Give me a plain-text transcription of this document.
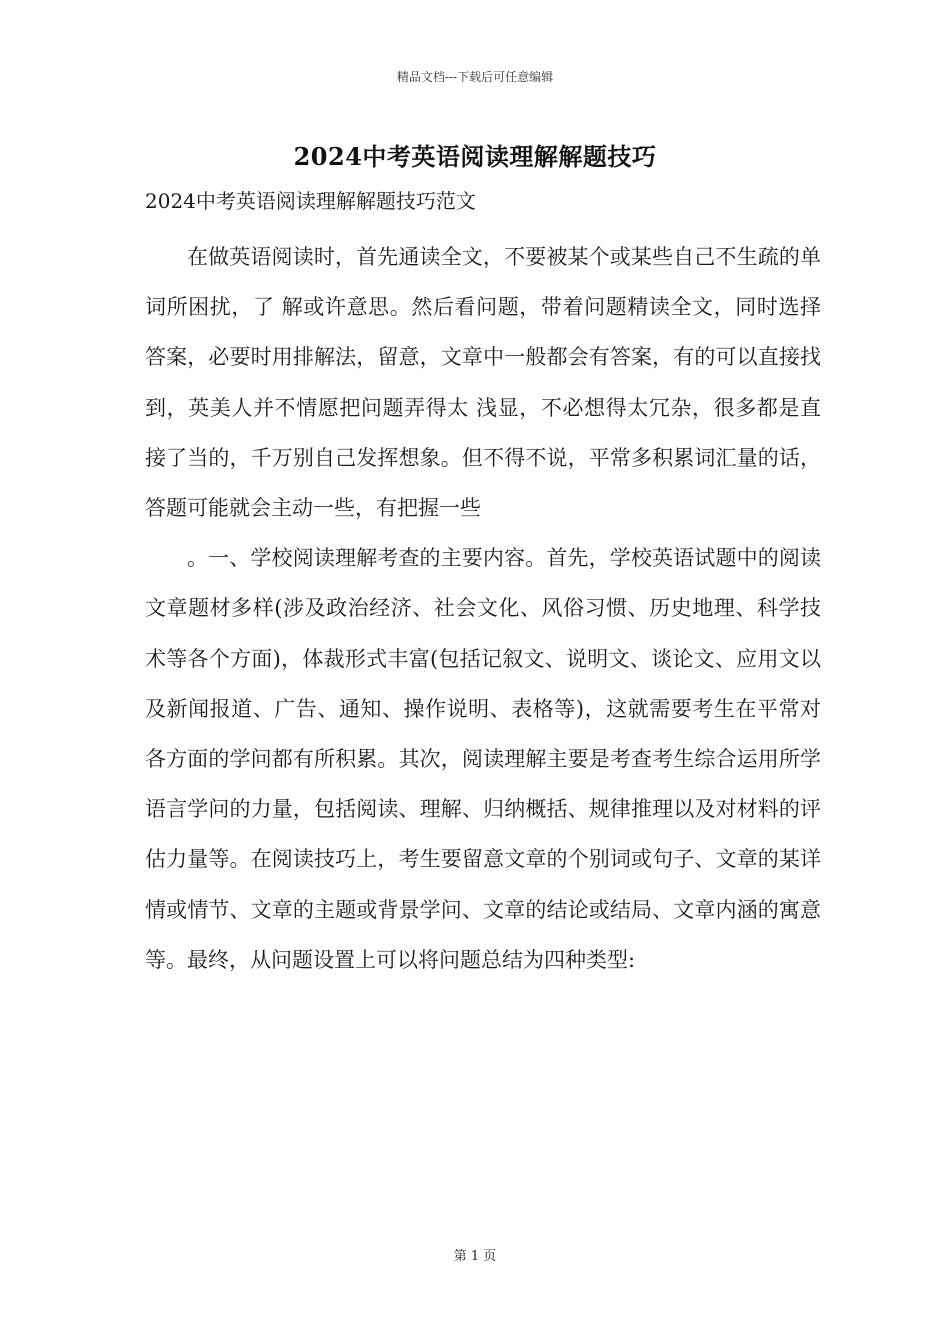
精品文档---下载后可任意编辑
2024中考英语阅读理解解题技巧
2024中考英语阅读理解解题技巧范文

在做英语阅读时，首先通读全文，不要被某个或某些自己不生疏的单词所困扰，了 解或许意思。然后看问题，带着问题精读全文，同时选择答案，必要时用排解法，留意，文章中一般都会有答案，有的可以直接找到，英美人并不情愿把问题弄得太 浅显，不必想得太冗杂，很多都是直接了当的，千万别自己发挥想象。但不得不说，平常多积累词汇量的话，答题可能就会主动一些，有把握一些

。一、学校阅读理解考查的主要内容。首先，学校英语试题中的阅读文章题材多样(涉及政治经济、社会文化、风俗习惯、历史地理、科学技术等各个方面)，体裁形式丰富(包括记叙文、说明文、谈论文、应用文以及新闻报道、广告、通知、操作说明、表格等)，这就需要考生在平常对各方面的学问都有所积累。其次，阅读理解主要是考查考生综合运用所学语言学问的力量，包括阅读、理解、归纳概括、规律推理以及对材料的评估力量等。在阅读技巧上，考生要留意文章的个别词或句子、文章的某详情或情节、文章的主题或背景学问、文章的结论或结局、文章内涵的寓意等。最终，从问题设置上可以将问题总结为四种类型:

第 1 页
